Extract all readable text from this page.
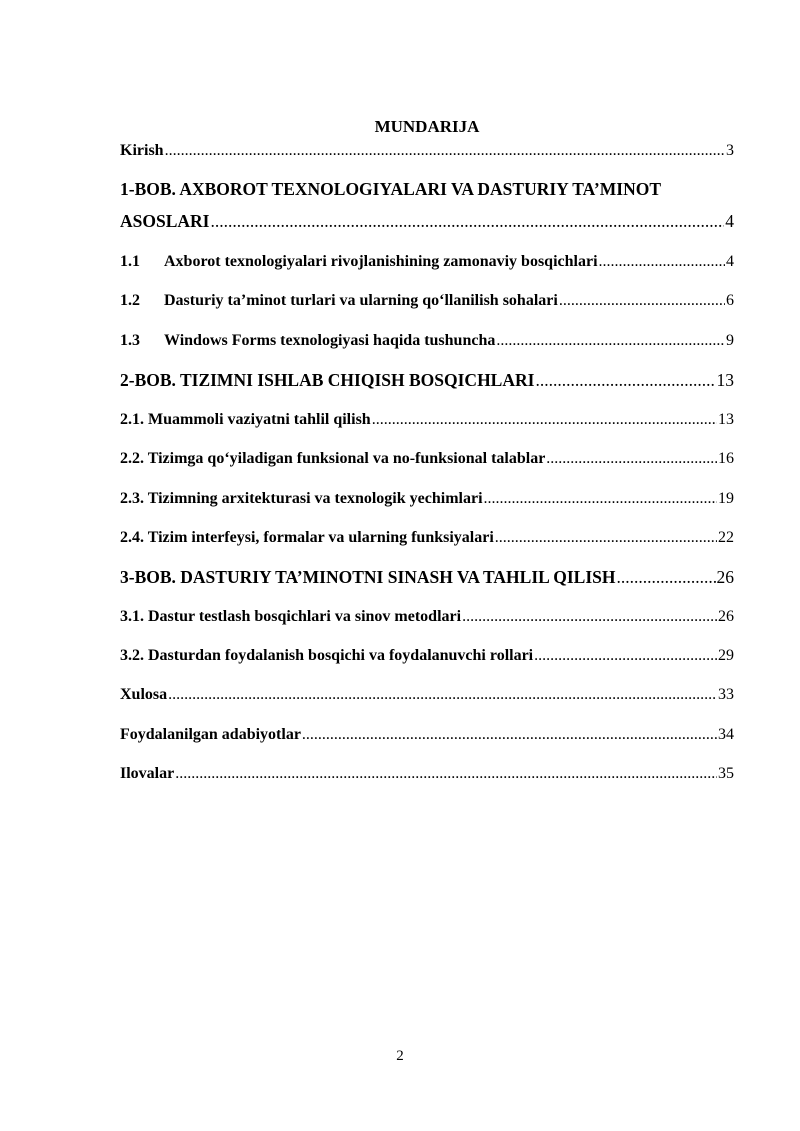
MUNDARIJA
Kirish .....	3
1-BOB. AXBOROT TEXNOLOGIYALARI VA DASTURIY TA’MINOT
ASOSLARI .....	4
1.1	Axborot texnologiyalari rivojlanishining zamonaviy bosqichlari .....	4
1.2	Dasturiy ta’minot turlari va ularning qo‘llanilish sohalari .....	6
1.3	Windows Forms texnologiyasi haqida tushuncha .....	9
2-BOB. TIZIMNI ISHLAB CHIQISH BOSQICHLARI .....	13
2.1. Muammoli vaziyatni tahlil qilish .....	13
2.2. Tizimga qo‘yiladigan funksional va no-funksional talablar .....	16
2.3. Tizimning arxitekturasi va texnologik yechimlari .....	19
2.4. Tizim interfeysi, formalar va ularning funksiyalari .....	22
3-BOB. DASTURIY TA’MINOTNI SINASH VA TAHLIL QILISH .....	26
3.1. Dastur testlash bosqichlari va sinov metodlari .....	26
3.2. Dasturdan foydalanish bosqichi va foydalanuvchi rollari .....	29
Xulosa .....	33
Foydalanilgan adabiyotlar .....	34
Ilovalar .....	35
2
